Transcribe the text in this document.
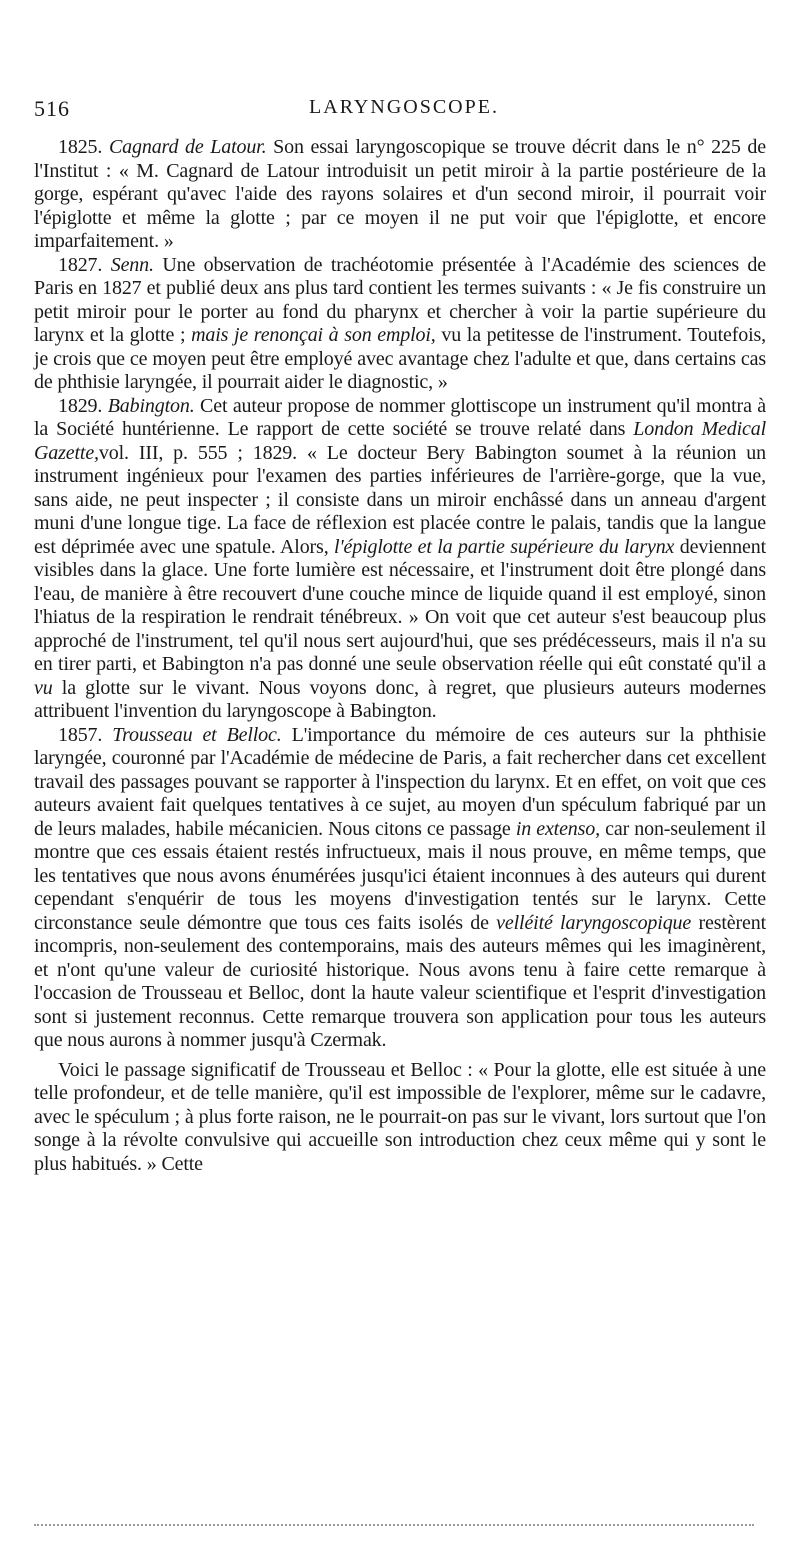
516	LARYNGOSCOPE.

1825. Cagnard de Latour. Son essai laryngoscopique se trouve décrit dans le n° 225 de l'Institut : « M. Cagnard de Latour introduisit un petit miroir à la partie postérieure de la gorge, espérant qu'avec l'aide des rayons solaires et d'un second miroir, il pourrait voir l'épiglotte et même la glotte ; par ce moyen il ne put voir que l'épiglotte, et encore imparfaitement. »

1827. Senn. Une observation de trachéotomie présentée à l'Académie des sciences de Paris en 1827 et publié deux ans plus tard contient les termes suivants : « Je fis construire un petit miroir pour le porter au fond du pharynx et chercher à voir la partie supérieure du larynx et la glotte ; mais je renonçai à son emploi, vu la petitesse de l'instrument. Toutefois, je crois que ce moyen peut être employé avec avantage chez l'adulte et que, dans certains cas de phthisie laryngée, il pourrait aider le diagnostic, »

1829. Babington. Cet auteur propose de nommer glottiscope un instrument qu'il montra à la Société huntérienne. Le rapport de cette société se trouve relaté dans London Medical Gazette,vol. III, p. 555 ; 1829. « Le docteur Bery Babington soumet à la réunion un instrument ingénieux pour l'examen des parties inférieures de l'arrière-gorge, que la vue, sans aide, ne peut inspecter ; il consiste dans un miroir enchâssé dans un anneau d'argent muni d'une longue tige. La face de réflexion est placée contre le palais, tandis que la langue est déprimée avec une spatule. Alors, l'épiglotte et la partie supérieure du larynx deviennent visibles dans la glace. Une forte lumière est nécessaire, et l'instrument doit être plongé dans l'eau, de manière à être recouvert d'une couche mince de liquide quand il est employé, sinon l'hiatus de la respiration le rendrait ténébreux. » On voit que cet auteur s'est beaucoup plus approché de l'instrument, tel qu'il nous sert aujourd'hui, que ses prédécesseurs, mais il n'a su en tirer parti, et Babington n'a pas donné une seule observation réelle qui eût constaté qu'il a vu la glotte sur le vivant. Nous voyons donc, à regret, que plusieurs auteurs modernes attribuent l'invention du laryngoscope à Babington.

1857. Trousseau et Belloc. L'importance du mémoire de ces auteurs sur la phthisie laryngée, couronné par l'Académie de médecine de Paris, a fait rechercher dans cet excellent travail des passages pouvant se rapporter à l'inspection du larynx. Et en effet, on voit que ces auteurs avaient fait quelques tentatives à ce sujet, au moyen d'un spéculum fabriqué par un de leurs malades, habile mécanicien. Nous citons ce passage in extenso, car non-seulement il montre que ces essais étaient restés infructueux, mais il nous prouve, en même temps, que les tentatives que nous avons énumérées jusqu'ici étaient inconnues à des auteurs qui durent cependant s'enquérir de tous les moyens d'investigation tentés sur le larynx. Cette circonstance seule démontre que tous ces faits isolés de velléité laryngoscopique restèrent incompris, non-seulement des contemporains, mais des auteurs mêmes qui les imaginèrent, et n'ont qu'une valeur de curiosité historique. Nous avons tenu à faire cette remarque à l'occasion de Trousseau et Belloc, dont la haute valeur scientifique et l'esprit d'investigation sont si justement reconnus. Cette remarque trouvera son application pour tous les auteurs que nous aurons à nommer jusqu'à Czermak.

Voici le passage significatif de Trousseau et Belloc : « Pour la glotte, elle est située à une telle profondeur, et de telle manière, qu'il est impossible de l'explorer, même sur le cadavre, avec le spéculum ; à plus forte raison, ne le pourrait-on pas sur le vivant, lors surtout que l'on songe à la révolte convulsive qui accueille son introduction chez ceux même qui y sont le plus habitués. » Cette
